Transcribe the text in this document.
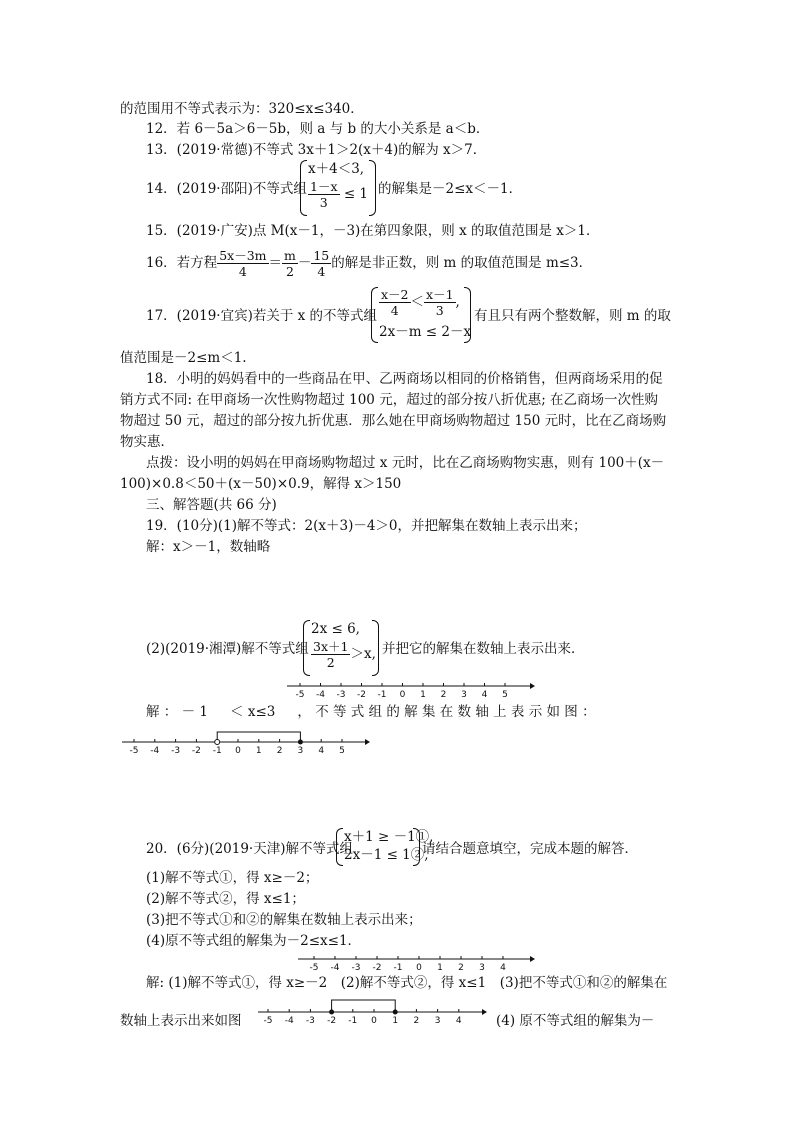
的范围用不等式表示为：320≤x≤340．
12．若 6－5a＞6－5b，则 a 与 b 的大小关系是 a＜b．
13．(2019·常德)不等式 3x＋1＞2(x＋4)的解为 x＞7．
14．(2019·邵阳)不等式组
x＋4＜3,
$\frac{1-x}{3} \le 1$ 的解集是－2≤x＜－1．
15．(2019·广安)点 M(x－1，－3)在第四象限，则 x 的取值范围是 x＞1．
16．若方程 $\frac{5x-3m}{4} = \frac{m}{2} - \frac{15}{4}$ 的解是非正数，则 m 的取值范围是 m≤3．
17．(2019·宜宾)若关于 x 的不等式组 $\frac{x-2}{4} < \frac{x-1}{3}$ ,
2x－m ≤ 2－x
有且只有两个整数解，则 m 的取
值范围是－2≤m＜1.
18．小明的妈妈看中的一些商品在甲、乙两商场以相同的价格销售，但两商场采用的促
销方式不同: 在甲商场一次性购物超过 100 元，超过的部分按八折优惠; 在乙商场一次性购
物超过 50 元，超过的部分按九折优惠．那么她在甲商场购物超过 150 元时，比在乙商场购
物实惠．
点拨：设小明的妈妈在甲商场购物超过 x 元时，比在乙商场购物实惠，则有 100＋(x－
100)×0.8＜50＋(x－50)×0.9，解得 x＞150
三、解答题(共 66 分)
19．(10分)(1)解不等式：2(x＋3)－4＞0，并把解集在数轴上表示出来；
解：x＞－1，数轴略
(2)(2019·湘潭)解不等式组
2x ≤ 6,
$\frac{3x+1}{2} >x$, 并把它的解集在数轴上表示出来．
-5 -4 -3 -2 -1 0 1 2 3 4 5
解 ： － 1 　 ＜ x≤3 　 ， 不 等 式 组 的 解 集 在 数 轴 上 表 示 如 图 ：
-5 -4 -3 -2 -1 0 1 2 3 4 5
20．(6分)(2019·天津)解不等式组
x＋1 ≥ －1①,
2x－1 ≤ 1②,
请结合题意填空，完成本题的解答．
(1)解不等式①，得 x≥－2；
(2)解不等式②，得 x≤1；
(3)把不等式①和②的解集在数轴上表示出来；
(4)原不等式组的解集为－2≤x≤1．
-5 -4 -3 -2 -1 0 1 2 3 4
解: (1)解不等式①，得 x≥－2　(2)解不等式②，得 x≤1　(3)把不等式①和②的解集在
数轴上表示出来如图 -5 -4 -3 -2 -1 0 1 2 3 4	(4) 原不等式组的解集为－
